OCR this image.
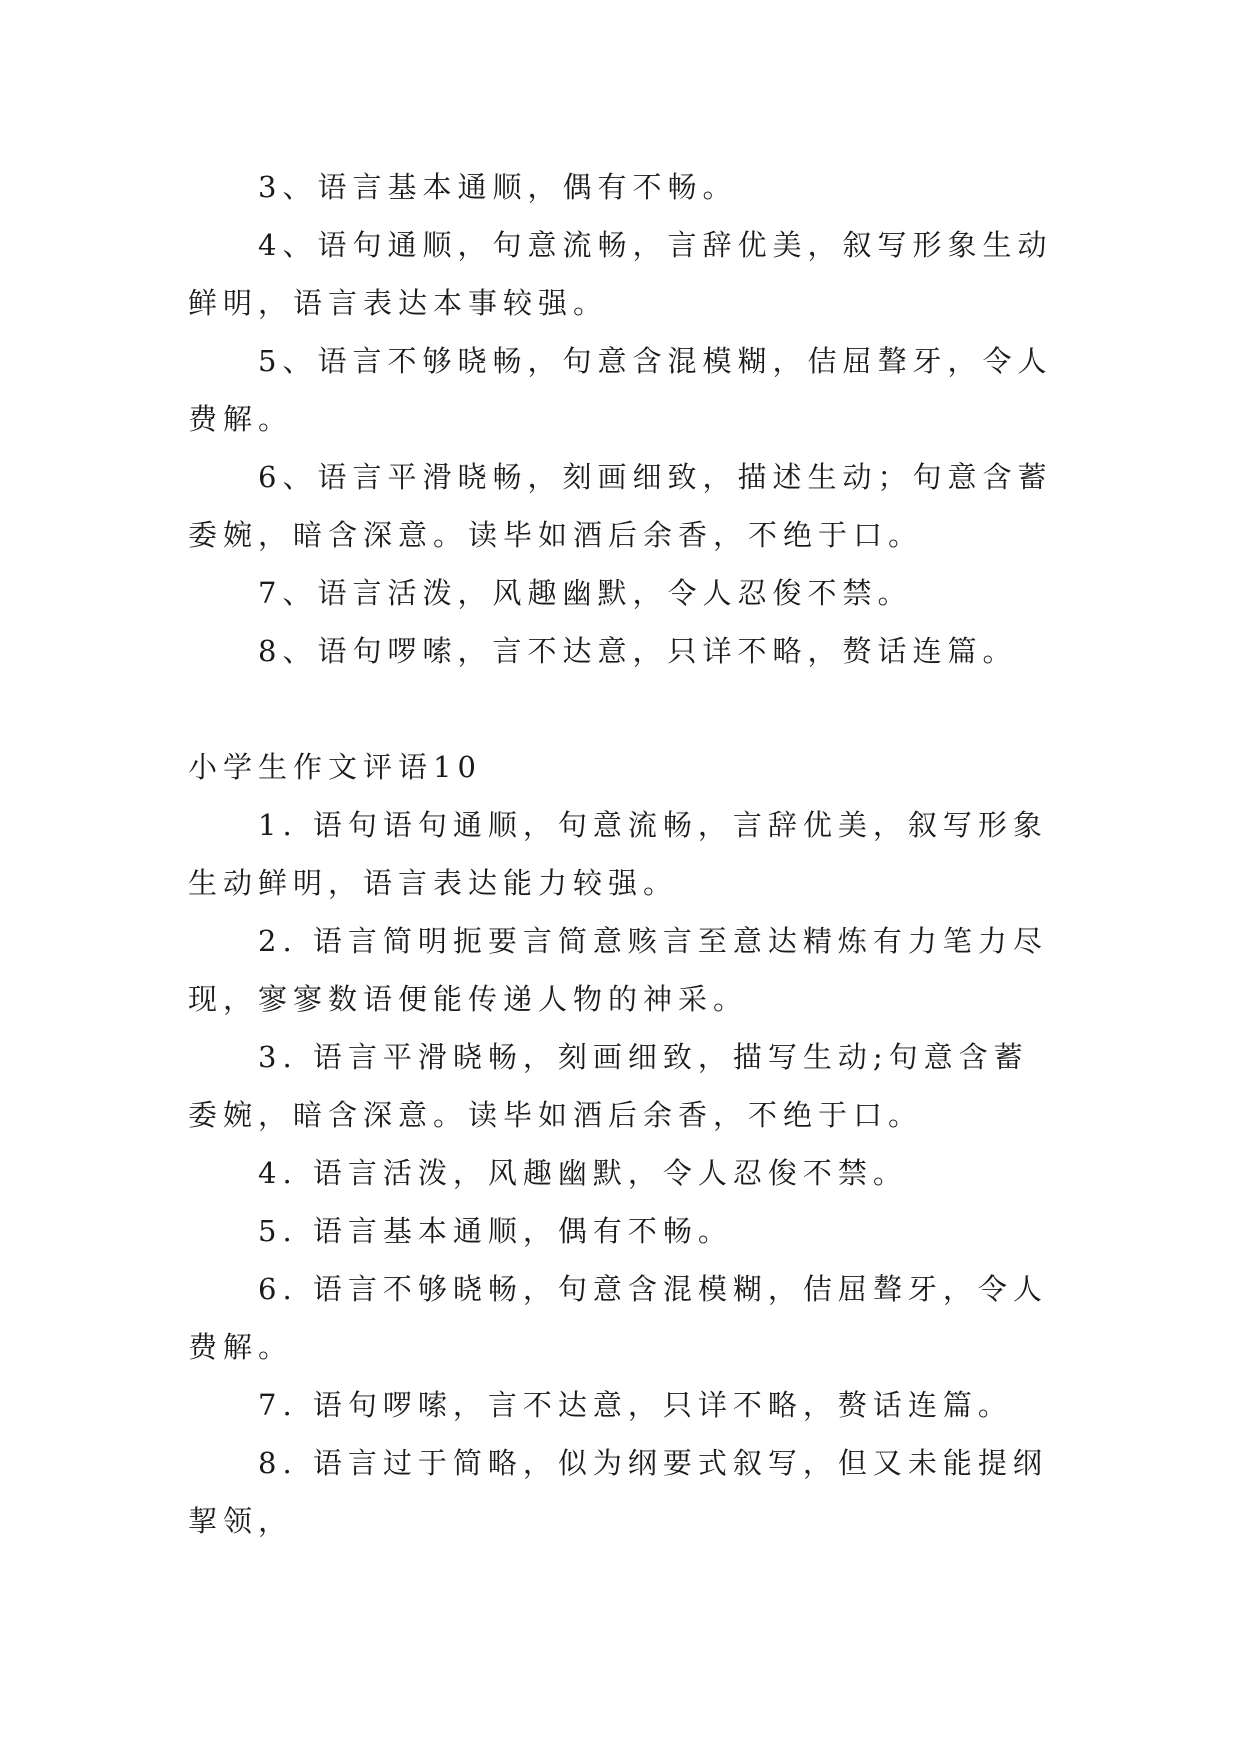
3、语言基本通顺，偶有不畅。

4、语句通顺，句意流畅，言辞优美，叙写形象生动鲜明，语言表达本事较强。

5、语言不够晓畅，句意含混模糊，佶屈聱牙，令人费解。

6、语言平滑晓畅，刻画细致，描述生动；句意含蓄委婉，暗含深意。读毕如酒后余香，不绝于口。

7、语言活泼，风趣幽默，令人忍俊不禁。

8、语句啰嗦，言不达意，只详不略，赘话连篇。

小学生作文评语10

1. 语句语句通顺，句意流畅，言辞优美，叙写形象生动鲜明，语言表达能力较强。

2. 语言简明扼要言简意赅言至意达精炼有力笔力尽现，寥寥数语便能传递人物的神采。

3. 语言平滑晓畅，刻画细致，描写生动;句意含蓄委婉，暗含深意。读毕如酒后余香，不绝于口。

4. 语言活泼，风趣幽默，令人忍俊不禁。

5. 语言基本通顺，偶有不畅。

6. 语言不够晓畅，句意含混模糊，佶屈聱牙，令人费解。

7. 语句啰嗦，言不达意，只详不略，赘话连篇。

8. 语言过于简略，似为纲要式叙写，但又未能提纲挈领，
